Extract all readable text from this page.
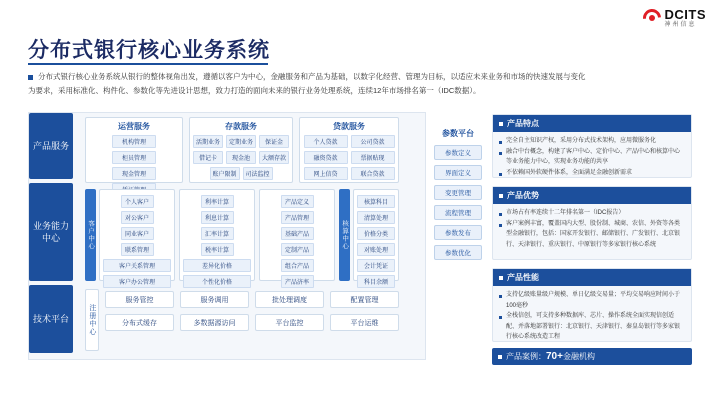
DCITS
神州信息
分布式银行核心业务系统
分布式银行核心业务系统从银行的整体视角出发，遵循以客户为中心，金融服务和产品为基础，以数字化经营、管理为目标，以适应未来业务和市场的快速发展与变化
为要求，采用标准化、构件化、参数化等先进设计思想，致力打造的面向未来的银行业务处理系统，连续12年市场排名第一（IDC数据）。
产品服务
业务能力中心
技术平台
运营服务
机构管理
柜员管理
现金管理
存款服务
活期业务	定期业务	保证金
借记卡	现金池	大额存款
账户限制	司法监控
贷款服务
个人贷款	公司贷款
融资贷款	票据贴现
网上信贷	联合贷款
客户中心
个人客户
对公客户
同业客户
联系管理
客户关系管理
客户办公管理
利率计算
利息计算
汇率计算
税率计算
差异化价格
个性化价格
产品定义
产品管理
基础产品
定制产品
组合产品
产品济率
核算中心
核算科目
清算处理
价格分类
对账处理
会计凭证
科目余额
注册中心
服务管控	服务调用	批处理调度	配置管理
分布式缓存	多数据源访问	平台监控	平台运维
参数平台
参数定义
界面定义
变更管理
流程管理
参数发布
参数优化
产品特点
完全自主知识产权，采用分布式技术架构，应用微服务化
融合中台概念，构建了客户中心、定价中心、产品中心和核算中心等业务能力中心，实现业务功能的共享
不依赖国外软硬件体系，全面满足金融创新需求
产品优势
市场占有率连续十二年排名第一（IDC报告）
客户案例丰富，覆盖国内大型、股份制、城商、农信、外资等各类型金融银行，包括：国家开发银行、邮储银行、广发银行、北京银行、天津银行、重庆银行、中原银行等多家银行核心系统
产品性能
支持亿级账量级户规模、单日亿级交易量；平均交易响应时间小于100毫秒
全栈信创，可支持多种数据库、芯片、操作系统全面实现信创适配、并落地部署银行：北京银行、天津银行、秦皇岛银行等多家银行核心系统改造工程
产品案例： 70+ 金融机构
